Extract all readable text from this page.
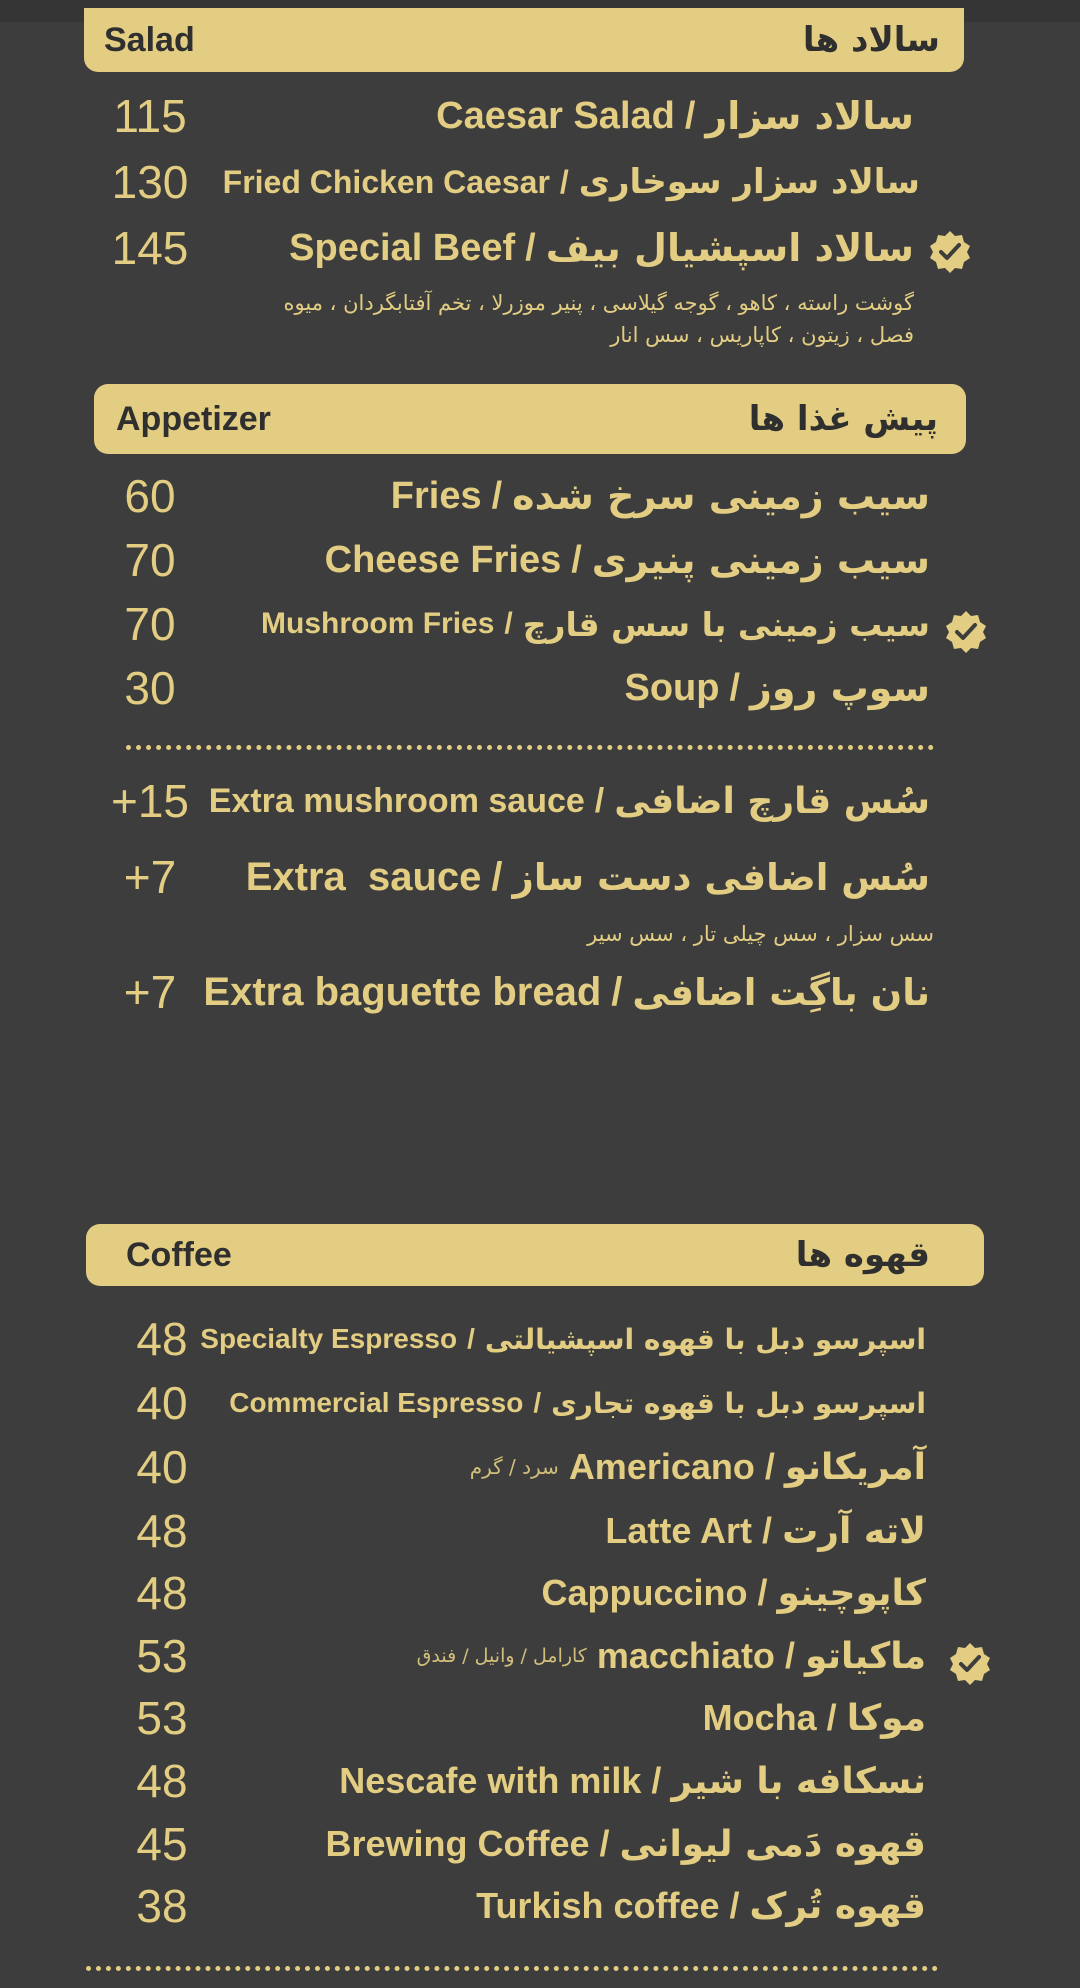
Salad	سالاد ها
115	سالاد سزار
/
Caesar Salad
130	سالاد سزار سوخاری
/
Fried Chicken Caesar
145	سالاد اسپشیال بیف
/
Special Beef
گوشت راسته ، کاهو ، گوجه گیلاسی ، پنیر موزرلا ، تخم آفتابگردان ، میوه
فصل ، زیتون ، کاپاریس ، سس انار
Appetizer	پیش غذا ها
60	سیب زمینی سرخ شده
/
Fries
70	سیب زمینی پنیری
/
Cheese Fries
70	سیب زمینی با سس قارچ
/
Mushroom Fries
30	سوپ روز
/
Soup
+15	سُس قارچ اضافی
/
Extra mushroom sauce
+7	سُس اضافی دست ساز
/
Extra  sauce
سس سزار ، سس چیلی تار ، سس سیر
+7	نان باگِت اضافی
/
Extra baguette bread
Coffee	قهوه ها
48	اسپرسو دبل با قهوه اسپشیالتی
/
Specialty Espresso
40	اسپرسو دبل با قهوه تجاری
/
Commercial Espresso
40	آمریکانو
/
Americano
سرد / گرم
48	لاته آرت
/
Latte Art
48	کاپوچینو
/
Cappuccino
53	ماکیاتو
/
macchiato
کارامل / وانیل / فندق
53	موکا
/
Mocha
48	نسکافه با شیر
/
Nescafe with milk
45	قهوه دَمی لیوانی
/
Brewing Coffee
38	قهوه تُرک
/
Turkish coffee
